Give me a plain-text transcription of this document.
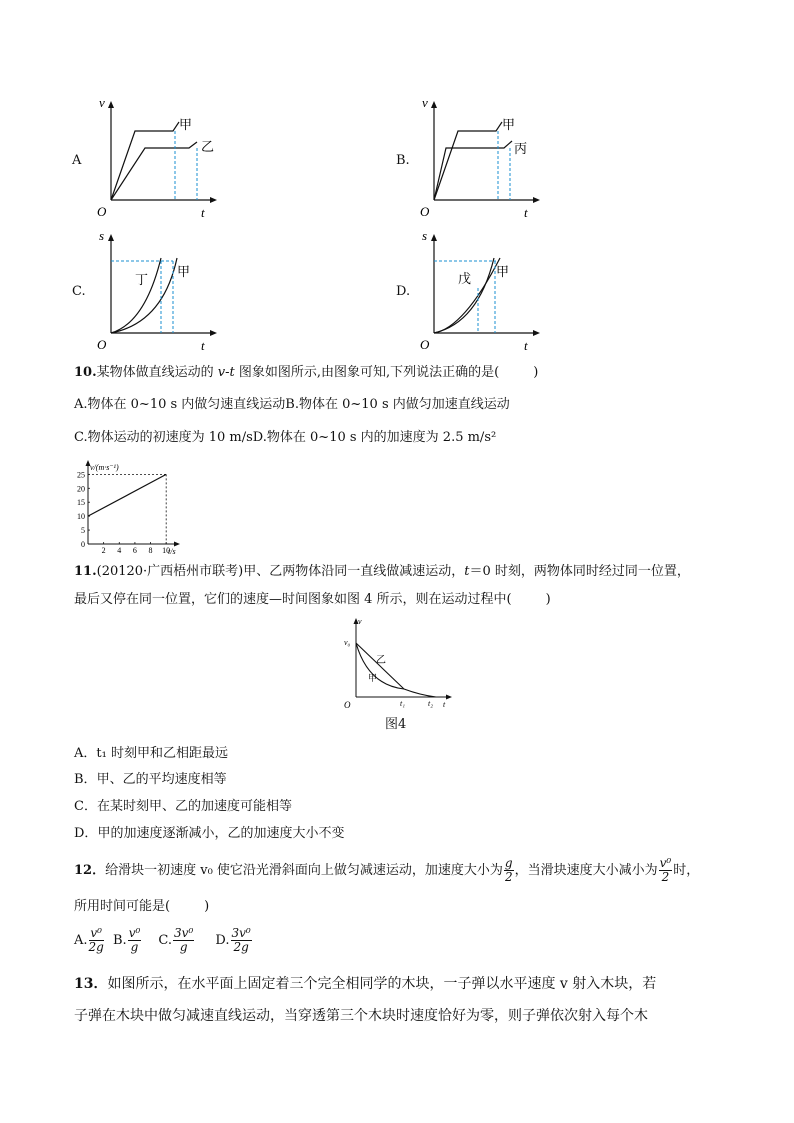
A
v
O	t
甲
乙
B.
v
O	t
甲
丙
C.
s
O	t
丁
甲
D.
s
O	t
戊 甲
10.某物体做直线运动的 v-t 图象如图所示,由图象可知,下列说法正确的是(	)
A.物体在 0~10 s 内做匀速直线运动B.物体在 0~10 s 内做匀加速直线运动
C.物体运动的初速度为 10 m/sD.物体在 0~10 s 内的加速度为 2.5 m/s²
v/(m·s⁻¹)
t/s
0
5
10
15
20
25
2 4 6 8 10
11.(20120·广西梧州市联考)甲、乙两物体沿同一直线做减速运动，t＝0 时刻，两物体同时经过同一位置，
最后又停在同一位置，它们的速度—时间图象如图 4 所示，则在运动过程中(	)
v
v₀
O
乙
甲
t₁	t₂ t
图4
A．t₁ 时刻甲和乙相距最远
B．甲、乙的平均速度相等
C．在某时刻甲、乙的加速度可能相等
D．甲的加速度逐渐减小，乙的加速度大小不变
12．给滑块一初速度 v₀ 使它沿光滑斜面向上做匀减速运动，加速度大小为 $\frac{g}{2}$ ，当滑块速度大小减小为 $\frac{\text{v⁰}}{2}$ 时，
所用时间可能是(	)
A. $\frac{\text{v⁰}}{2g} B$. $\frac{\text{v⁰}}{g} C$. $\frac{\text{3v⁰}}{g} D$. $\frac{\text{3v⁰}}{2g}$
13．如图所示，在水平面上固定着三个完全相同学的木块，一子弹以水平速度 v 射入木块，若
子弹在木块中做匀减速直线运动，当穿透第三个木块时速度恰好为零，则子弹依次射入每个木
